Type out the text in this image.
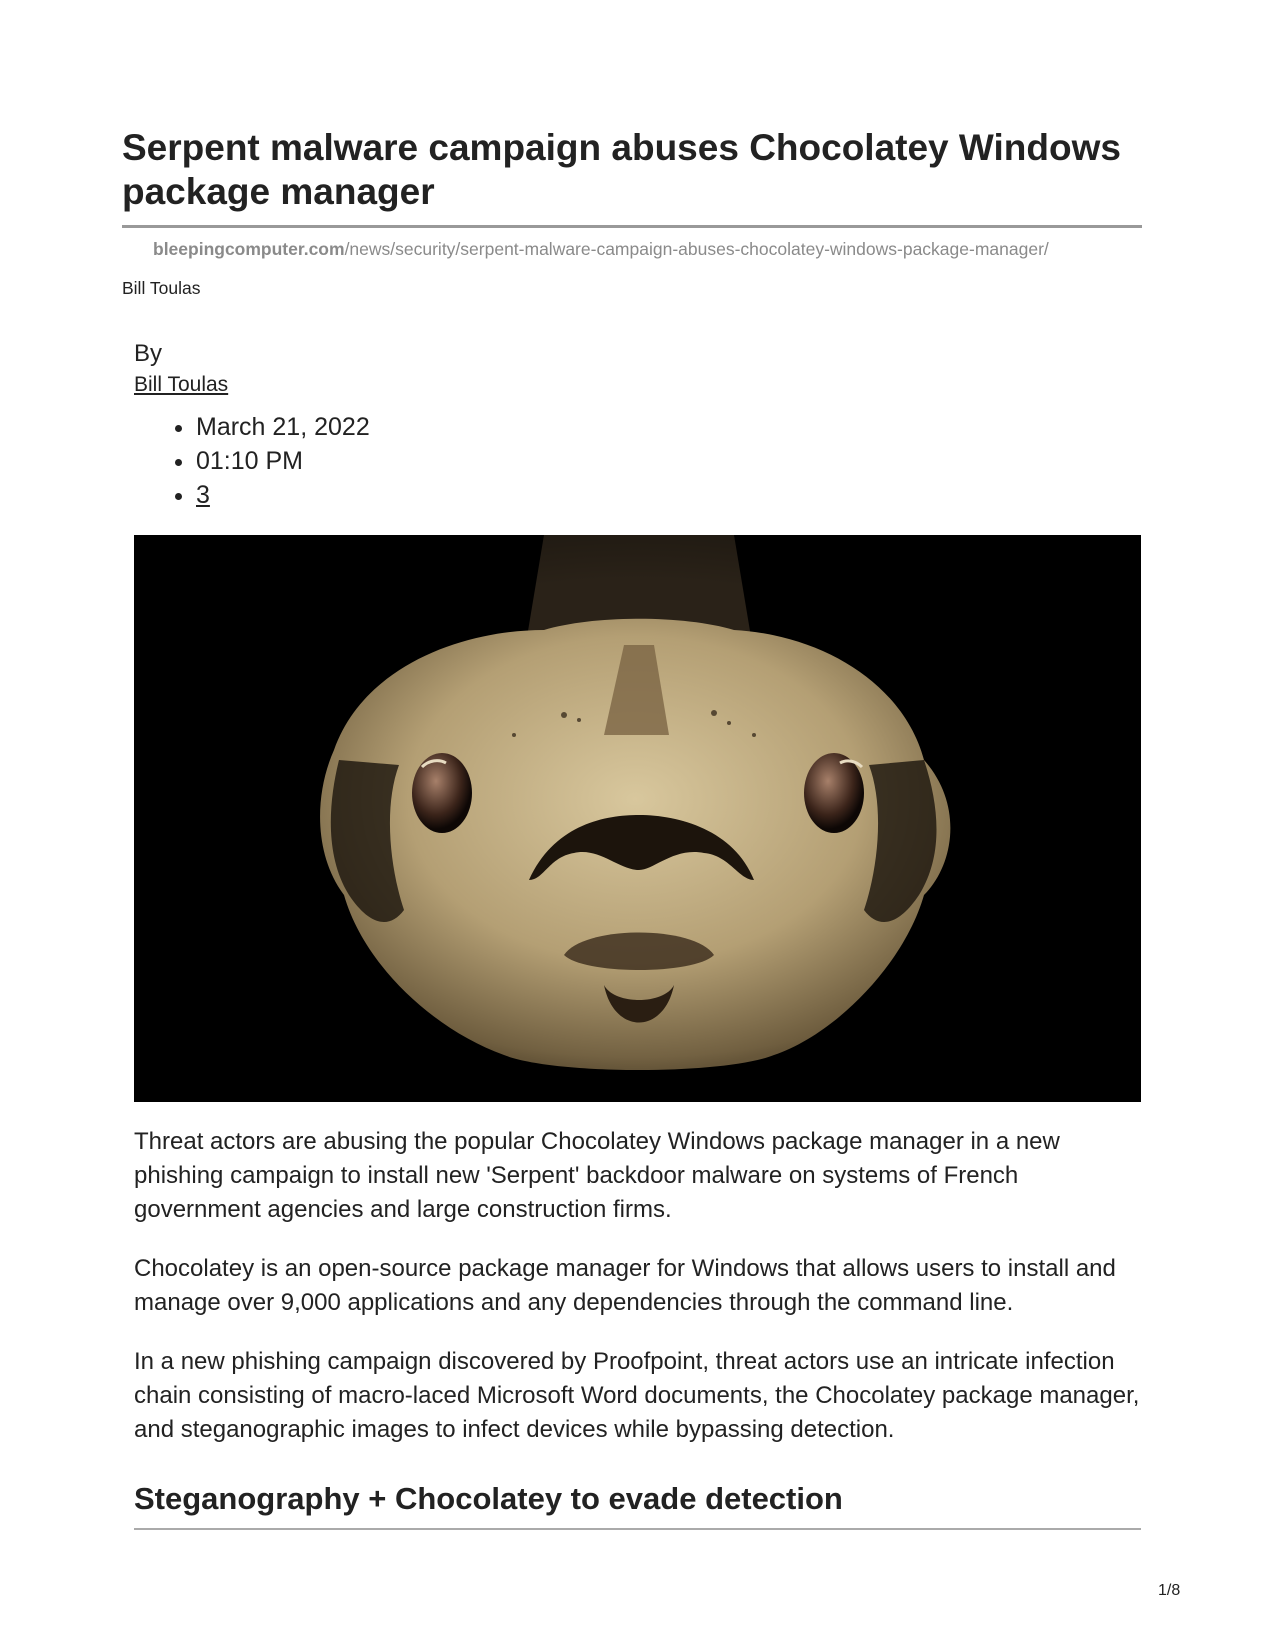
Serpent malware campaign abuses Chocolatey Windows package manager
bleepingcomputer.com/news/security/serpent-malware-campaign-abuses-chocolatey-windows-package-manager/
Bill Toulas
By
Bill Toulas
• March 21, 2022
• 01:10 PM
• 3

Threat actors are abusing the popular Chocolatey Windows package manager in a new phishing campaign to install new 'Serpent' backdoor malware on systems of French government agencies and large construction firms.

Chocolatey is an open-source package manager for Windows that allows users to install and manage over 9,000 applications and any dependencies through the command line.

In a new phishing campaign discovered by Proofpoint, threat actors use an intricate infection chain consisting of macro-laced Microsoft Word documents, the Chocolatey package manager, and steganographic images to infect devices while bypassing detection.

Steganography + Chocolatey to evade detection
1/8
